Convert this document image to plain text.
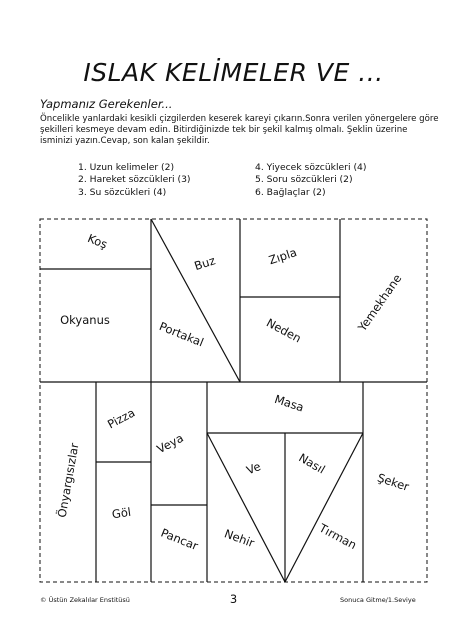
ISLAK KELİMELER VE ...
Yapmanız Gerekenler...
Öncelikle yanlardaki kesikli çizgilerden keserek kareyi çıkarın.Sonra verilen yönergelere göre şekilleri kesmeye devam edin. Bitirdiğinizde tek bir şekil kalmış olmalı. Şeklin üzerine isminizi yazın.Cevap, son kalan şekildir.
1. Uzun kelimeler (2)
2. Hareket sözcükleri (3)
3. Su sözcükleri (4)
4. Yiyecek sözcükleri (4)
5. Soru sözcükleri (2)
6. Bağlaçlar (2)
Koş
Buz	Zıpla
Okyanus	Portakal	Neden	Yemekhane
Masa
Pizza
Veya
Önyargısızlar	Ve	Nasıl
Şeker
Göl
Pancar Nehir	Tırman
© Üstün Zekalılar Enstitüsü	3	Sonuca Gitme/1.Seviye
